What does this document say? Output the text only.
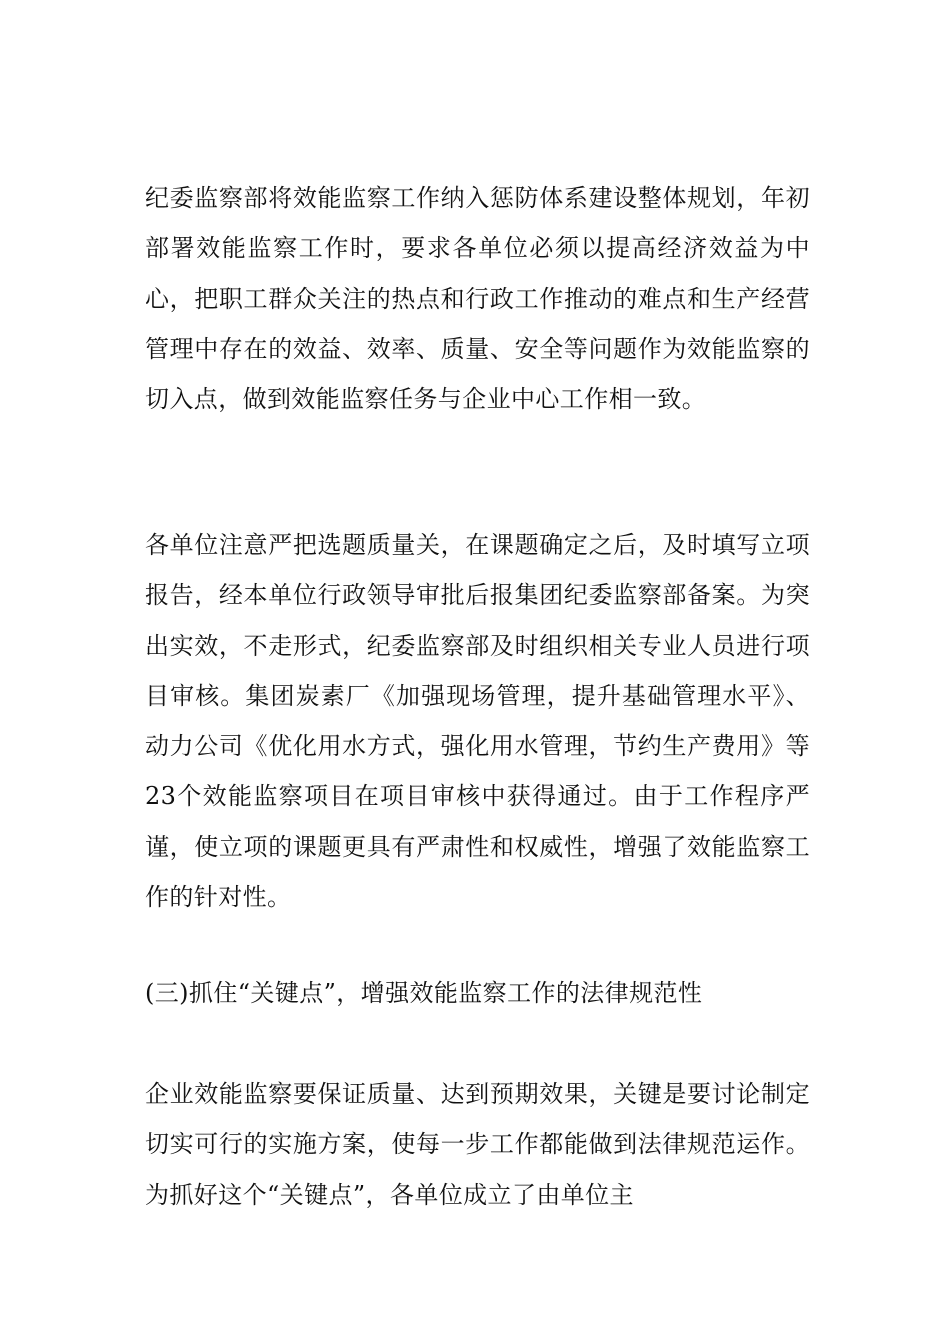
纪委监察部将效能监察工作纳入惩防体系建设整体规划，年初部署效能监察工作时，要求各单位必须以提高经济效益为中心，把职工群众关注的热点和行政工作推动的难点和生产经营管理中存在的效益、效率、质量、安全等问题作为效能监察的切入点，做到效能监察任务与企业中心工作相一致。

各单位注意严把选题质量关，在课题确定之后，及时填写立项报告，经本单位行政领导审批后报集团纪委监察部备案。为突出实效，不走形式，纪委监察部及时组织相关专业人员进行项目审核。集团炭素厂《加强现场管理，提升基础管理水平》、动力公司《优化用水方式，强化用水管理，节约生产费用》等23个效能监察项目在项目审核中获得通过。由于工作程序严谨，使立项的课题更具有严肃性和权威性，增强了效能监察工作的针对性。

(三)抓住“关键点”，增强效能监察工作的法律规范性

企业效能监察要保证质量、达到预期效果，关键是要讨论制定切实可行的实施方案，使每一步工作都能做到法律规范运作。为抓好这个“关键点”，各单位成立了由单位主
